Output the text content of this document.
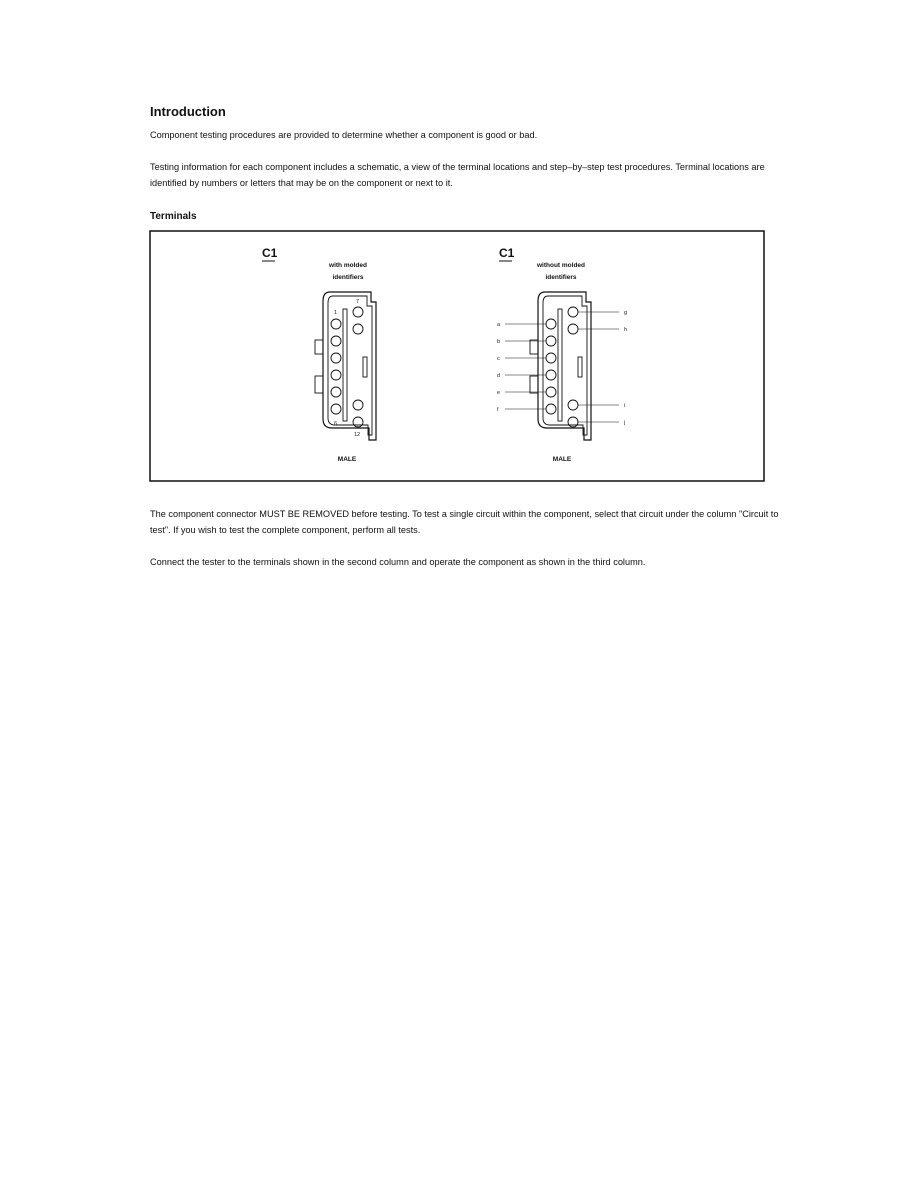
Introduction

Component testing procedures are provided to determine whether a component is good or bad.

Testing information for each component includes a schematic, a view of the terminal locations and step–by–step test procedures. Terminal locations are identified by numbers or letters that may be on the component or next to it.

Terminals
C1
with molded
identifiers
1
7
6
12
MALE
C1
without molded
identifiers
a
b
c
d
e
f
g
h
i
j
MALE

The component connector MUST BE REMOVED before testing. To test a single circuit within the component, select that circuit under the column "Circuit to test". If you wish to test the complete component, perform all tests.

Connect the tester to the terminals shown in the second column and operate the component as shown in the third column.
